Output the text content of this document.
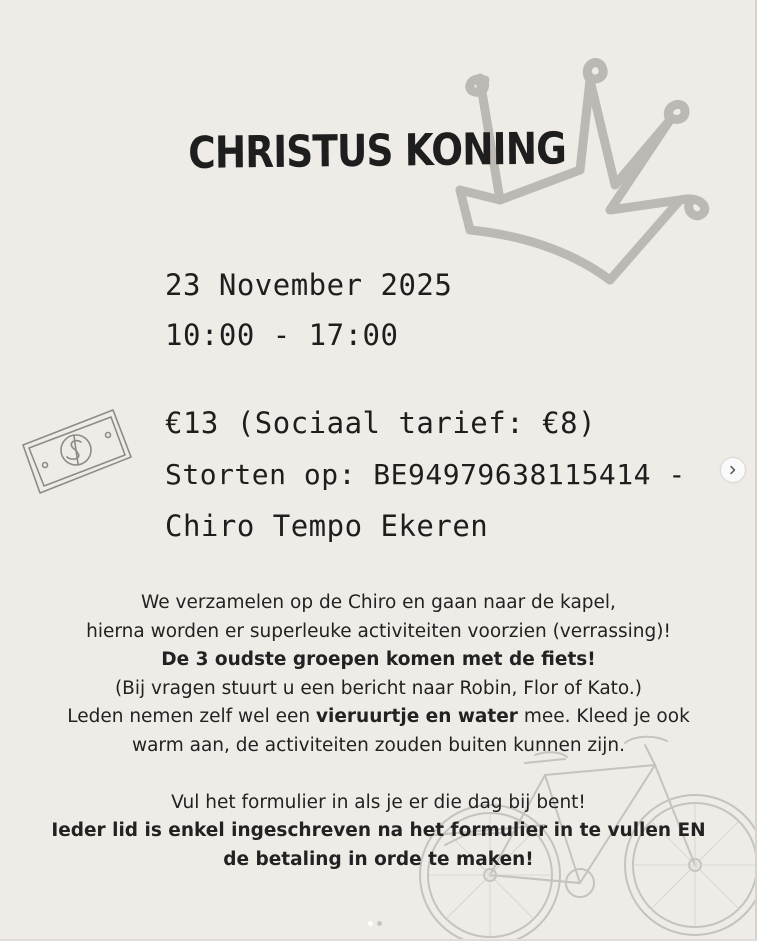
CHRISTUS KONING

23 November 2025

10:00 - 17:00

€13 (Sociaal tarief: €8)

Storten op: BE94979638115414 -

Chiro Tempo Ekeren

We verzamelen op de Chiro en gaan naar de kapel,
hierna worden er superleuke activiteiten voorzien (verrassing)!
De 3 oudste groepen komen met de fiets!
(Bij vragen stuurt u een bericht naar Robin, Flor of Kato.)
Leden nemen zelf wel een vieruurtje en water mee. Kleed je ook
warm aan, de activiteiten zouden buiten kunnen zijn.
Vul het formulier in als je er die dag bij bent!
Ieder lid is enkel ingeschreven na het formulier in te vullen EN
de betaling in orde te maken!
